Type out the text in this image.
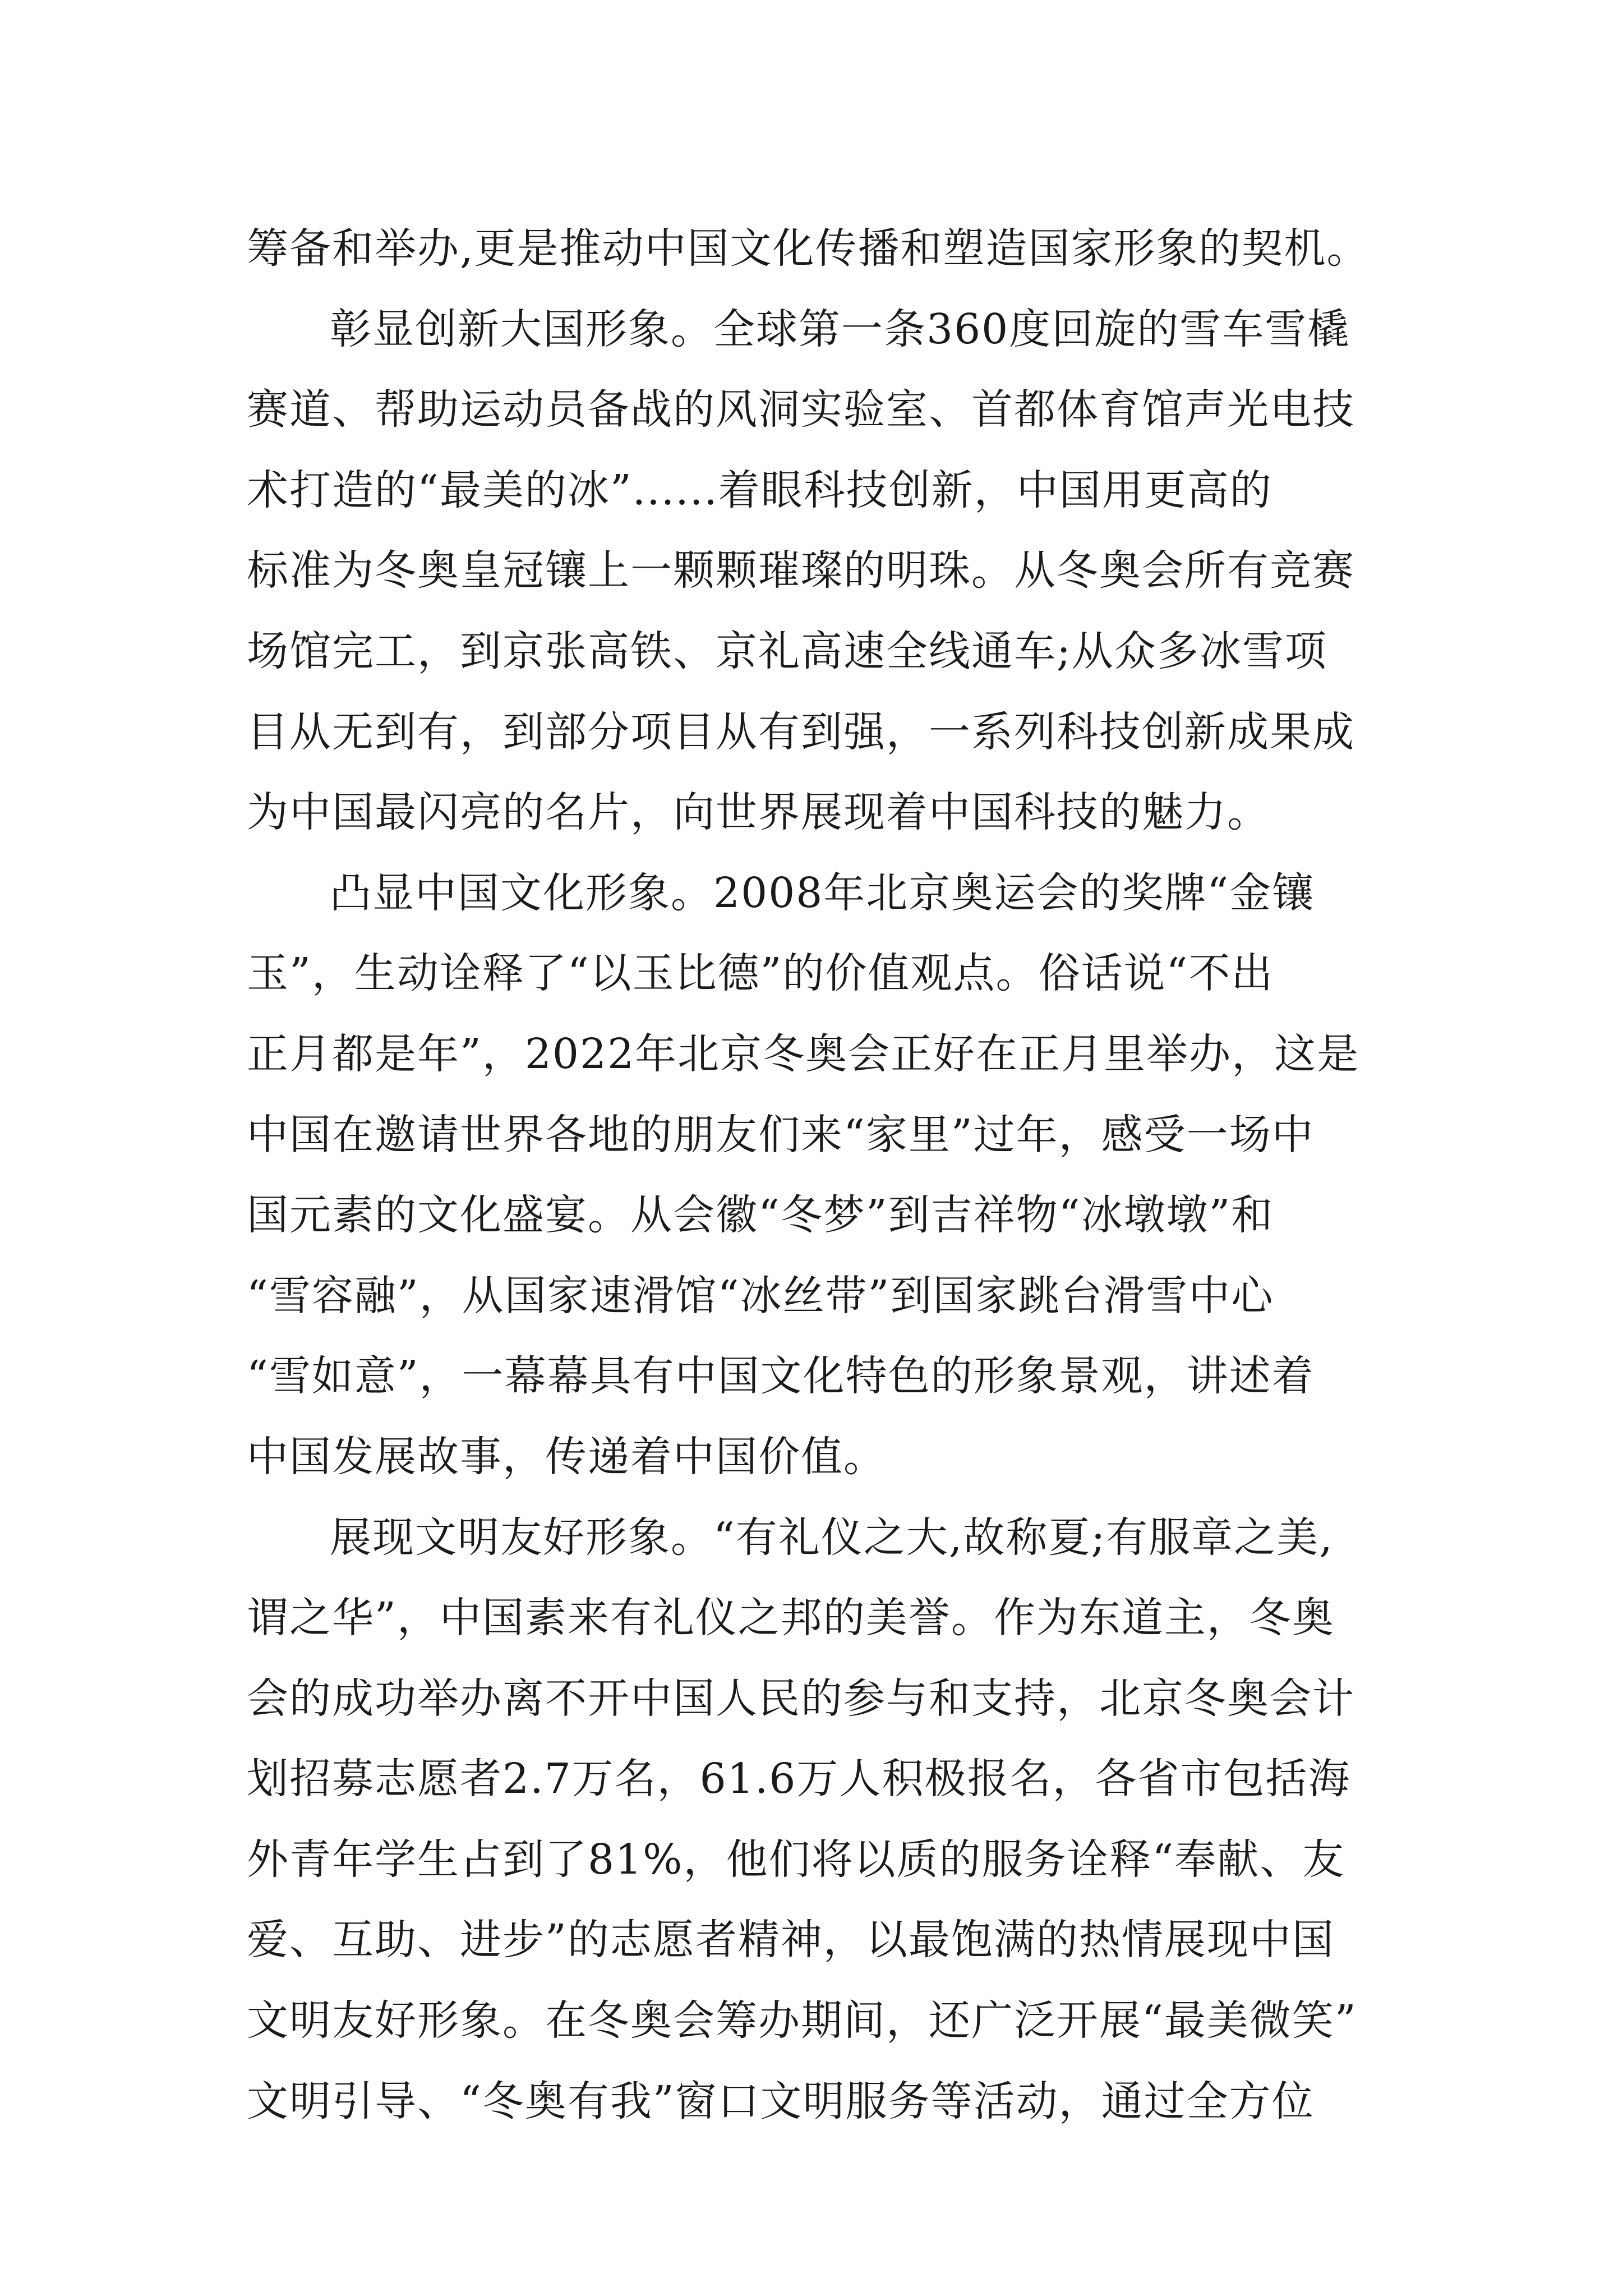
筹备和举办,更是推动中国文化传播和塑造国家形象的契机。
彰显创新大国形象。全球第一条360度回旋的雪车雪橇
赛道、帮助运动员备战的风洞实验室、首都体育馆声光电技
术打造的“最美的冰”......着眼科技创新，中国用更高的
标准为冬奥皇冠镶上一颗颗璀璨的明珠。从冬奥会所有竞赛
场馆完工，到京张高铁、京礼高速全线通车;从众多冰雪项
目从无到有，到部分项目从有到强，一系列科技创新成果成
为中国最闪亮的名片，向世界展现着中国科技的魅力。
凸显中国文化形象。2008年北京奥运会的奖牌“金镶
玉”，生动诠释了“以玉比德”的价值观点。俗话说“不出
正月都是年”，2022年北京冬奥会正好在正月里举办，这是
中国在邀请世界各地的朋友们来“家里”过年，感受一场中
国元素的文化盛宴。从会徽“冬梦”到吉祥物“冰墩墩”和
“雪容融”，从国家速滑馆“冰丝带”到国家跳台滑雪中心
“雪如意”，一幕幕具有中国文化特色的形象景观，讲述着
中国发展故事，传递着中国价值。
展现文明友好形象。“有礼仪之大,故称夏;有服章之美,
谓之华”，中国素来有礼仪之邦的美誉。作为东道主，冬奥
会的成功举办离不开中国人民的参与和支持，北京冬奥会计
划招募志愿者2.7万名，61.6万人积极报名，各省市包括海
外青年学生占到了81%，他们将以质的服务诠释“奉献、友
爱、互助、进步”的志愿者精神，以最饱满的热情展现中国
文明友好形象。在冬奥会筹办期间，还广泛开展“最美微笑”
文明引导、“冬奥有我”窗口文明服务等活动，通过全方位
